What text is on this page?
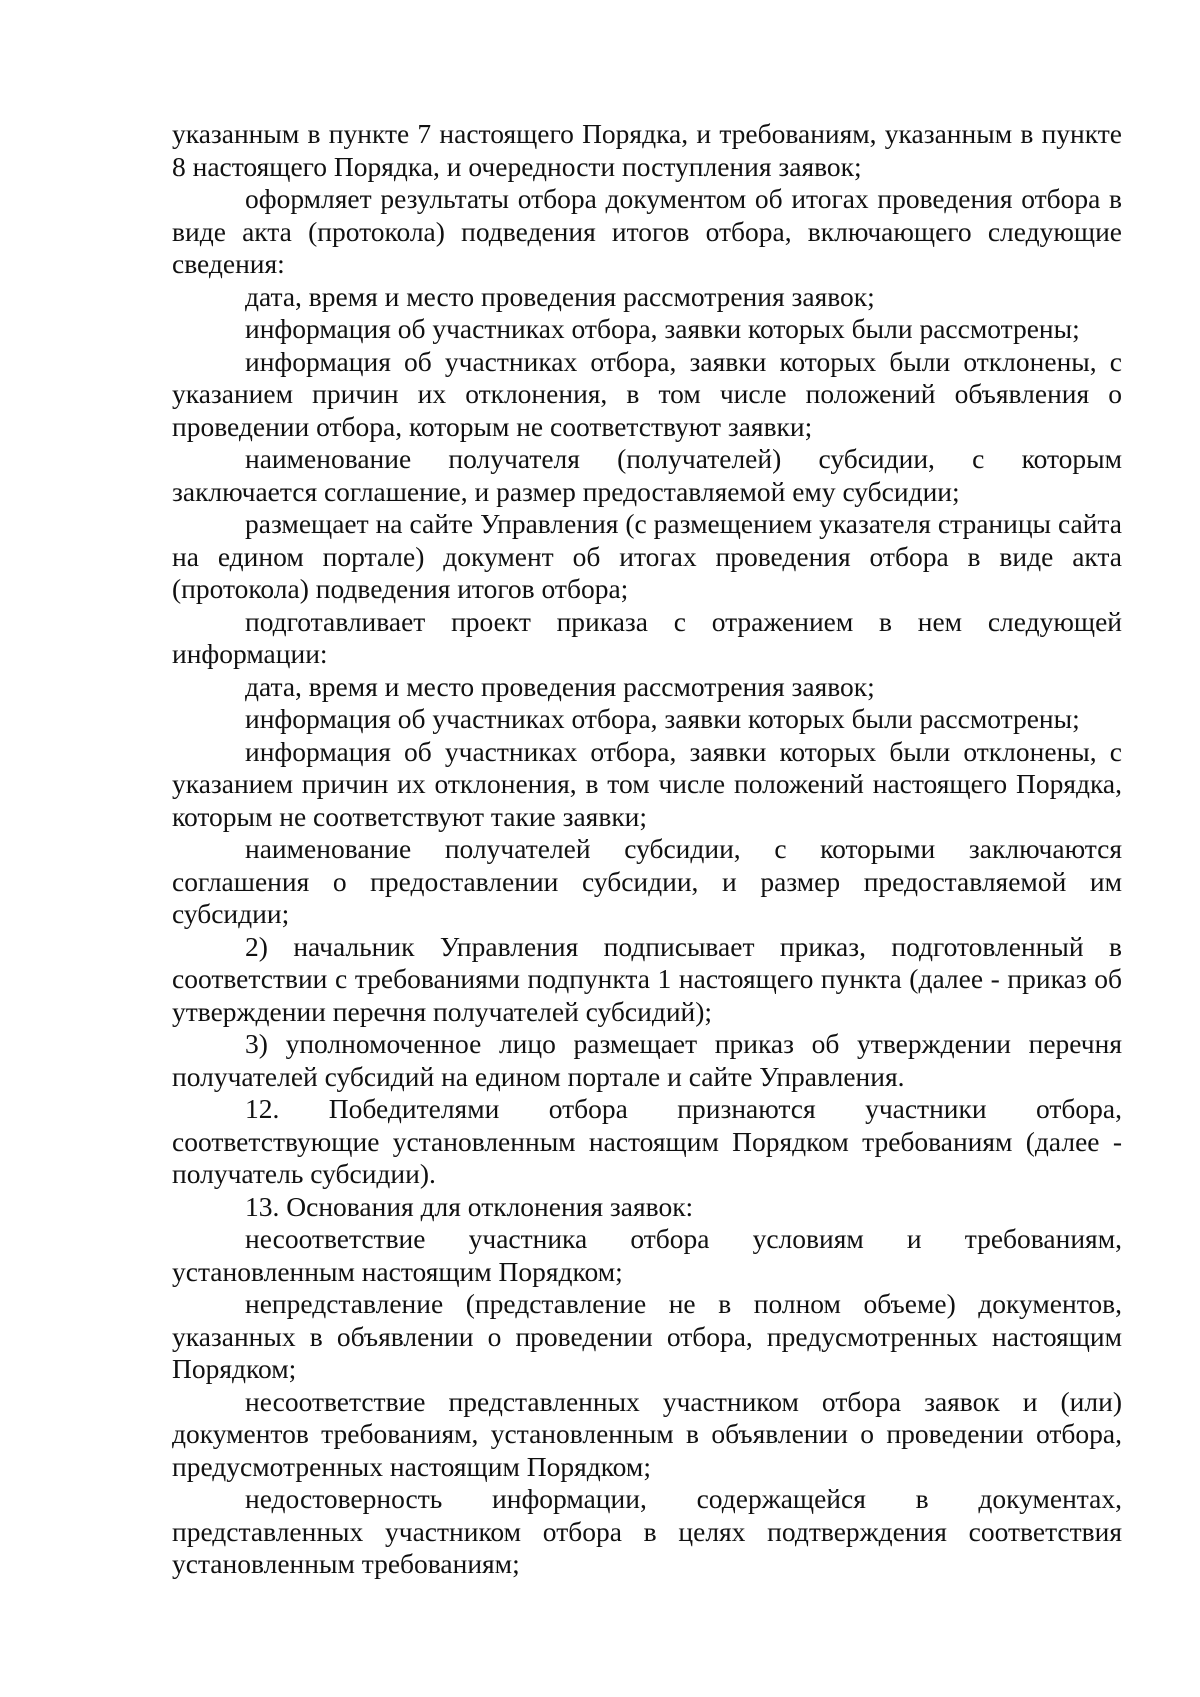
указанным в пункте 7 настоящего Порядка, и требованиям, указанным в пункте 8 настоящего Порядка, и очередности поступления заявок;

оформляет результаты отбора документом об итогах проведения отбора в виде акта (протокола) подведения итогов отбора, включающего следующие сведения:

дата, время и место проведения рассмотрения заявок;

информация об участниках отбора, заявки которых были рассмотрены;

информация об участниках отбора, заявки которых были отклонены, с указанием причин их отклонения, в том числе положений объявления о проведении отбора, которым не соответствуют заявки;

наименование получателя (получателей) субсидии, с которым заключается соглашение, и размер предоставляемой ему субсидии;

размещает на сайте Управления (с размещением указателя страницы сайта на едином портале) документ об итогах проведения отбора в виде акта (протокола) подведения итогов отбора;

подготавливает проект приказа с отражением в нем следующей информации:

дата, время и место проведения рассмотрения заявок;

информация об участниках отбора, заявки которых были рассмотрены;

информация об участниках отбора, заявки которых были отклонены, с указанием причин их отклонения, в том числе положений настоящего Порядка, которым не соответствуют такие заявки;

наименование получателей субсидии, с которыми заключаются соглашения о предоставлении субсидии, и размер предоставляемой им субсидии;

2) начальник Управления подписывает приказ, подготовленный в соответствии с требованиями подпункта 1 настоящего пункта (далее - приказ об утверждении перечня получателей субсидий);

3) уполномоченное лицо размещает приказ об утверждении перечня получателей субсидий на едином портале и сайте Управления.

12. Победителями отбора признаются участники отбора, соответствующие установленным настоящим Порядком требованиям (далее - получатель субсидии).

13. Основания для отклонения заявок:

несоответствие участника отбора условиям и требованиям, установленным настоящим Порядком;

непредставление (представление не в полном объеме) документов, указанных в объявлении о проведении отбора, предусмотренных настоящим Порядком;

несоответствие представленных участником отбора заявок и (или) документов требованиям, установленным в объявлении о проведении отбора, предусмотренных настоящим Порядком;

недостоверность информации, содержащейся в документах, представленных участником отбора в целях подтверждения соответствия установленным требованиям;
